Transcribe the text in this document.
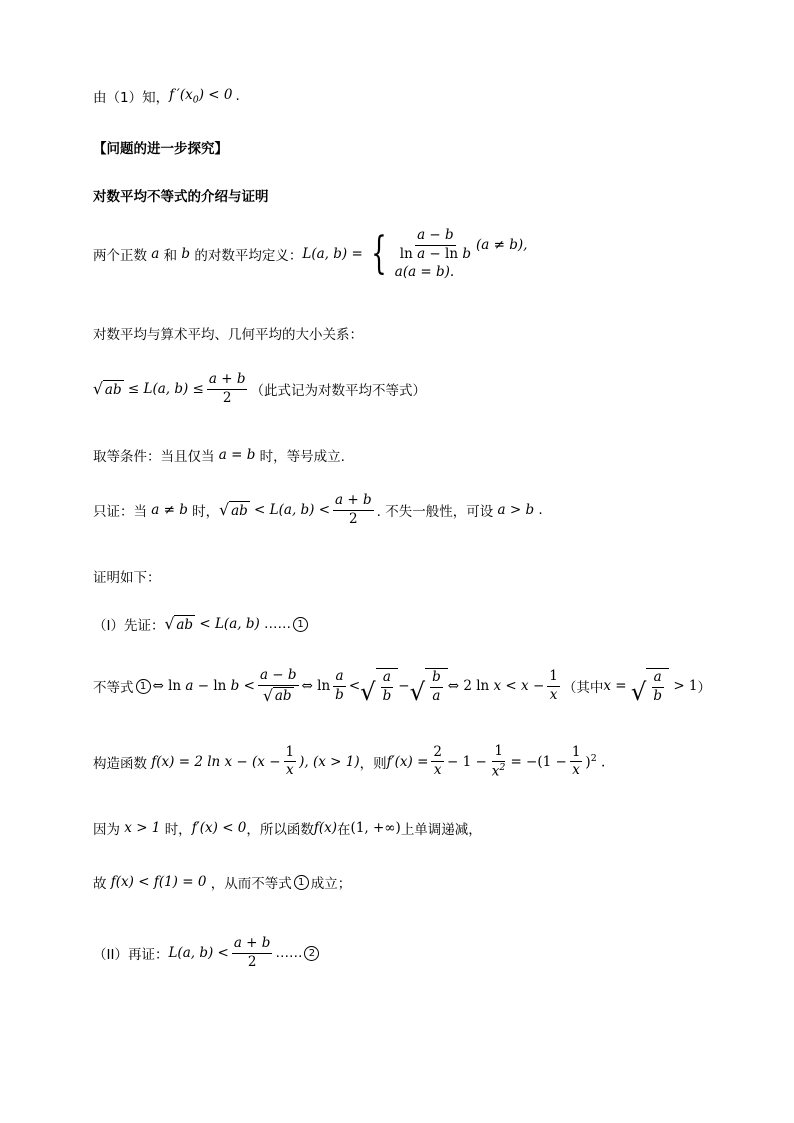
由（1）知， f $'(x_0) < 0$ .
【问题的进一步探究】
对数平均不等式的介绍与证明
两个正数 a 和 b 的对数平均定义： L(a, b) = { $\frac{a - b}{\text{ln a − ln b}} (a \ne b)$,
a(a = b).
对数平均与算术平均、几何平均的大小关系：
√ ab ≤ L(a, $b) \le \frac{a + b}{2}$ （此式记为对数平均不等式）
取等条件：当且仅当 a = b 时，等号成立.
只证：当 a ≠ b 时， √ ab < L(a, $b) < \frac{a + b}{2}$ . 不失一般性，可设 a > b .
证明如下：
（I）先证： √ ab < L(a, b) …… 1
不等式 1 ⇔ $\ln a - \ln b < \frac{a - b}{√ ab}$ ⇔ $\ln \frac{a}{b}$ < √ $\frac{a}{b}$ − √ $\frac{b}{a}$ ⇔ 2 $\ln x < x - \frac{1}{x}$ （其中 x = √ $\frac{a}{b} > 1$ ）
构造函数 f(x) = 2 $\ln x - (x - \frac{1}{x}$ ), (x > 1) ，则 $f'(x) = \frac{2}{x} - 1 - \frac{1}{x^2} = -(1 - \frac{1}{x} )^2$ .
因为 x > 1 时， f′(x) < 0 ，所以函数 f(x) 在 (1, +∞) 上单调递减，
故 f(x) < f(1) = 0 ，从而不等式 1 成立；
（II）再证： L(a, $b) < \frac{a + b}{2}$ …… 2
